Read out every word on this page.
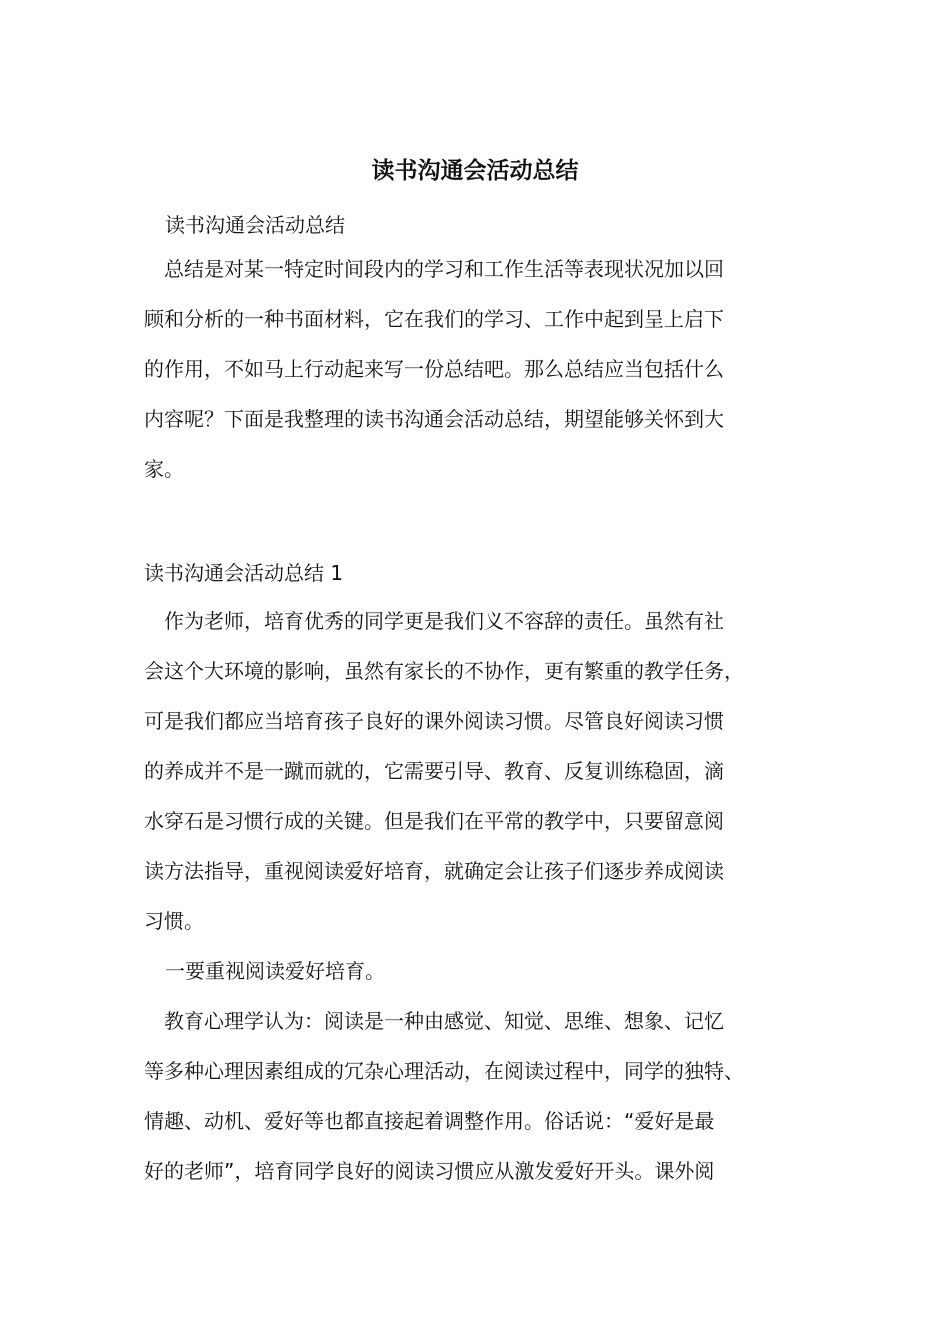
读书沟通会活动总结
读书沟通会活动总结
　总结是对某一特定时间段内的学习和工作生活等表现状况加以回
顾和分析的一种书面材料，它在我们的学习、工作中起到呈上启下
的作用，不如马上行动起来写一份总结吧。那么总结应当包括什么
内容呢？下面是我整理的读书沟通会活动总结，期望能够关怀到大
家。
读书沟通会活动总结 1
　作为老师，培育优秀的同学更是我们义不容辞的责任。虽然有社
会这个大环境的影响，虽然有家长的不协作，更有繁重的教学任务，
可是我们都应当培育孩子良好的课外阅读习惯。尽管良好阅读习惯
的养成并不是一蹴而就的，它需要引导、教育、反复训练稳固，滴
水穿石是习惯行成的关键。但是我们在平常的教学中，只要留意阅
读方法指导，重视阅读爱好培育，就确定会让孩子们逐步养成阅读
习惯。
一要重视阅读爱好培育。
　教育心理学认为：阅读是一种由感觉、知觉、思维、想象、记忆
等多种心理因素组成的冗杂心理活动，在阅读过程中，同学的独特、
情趣、动机、爱好等也都直接起着调整作用。俗话说：“爱好是最
好的老师”，培育同学良好的阅读习惯应从激发爱好开头。课外阅
